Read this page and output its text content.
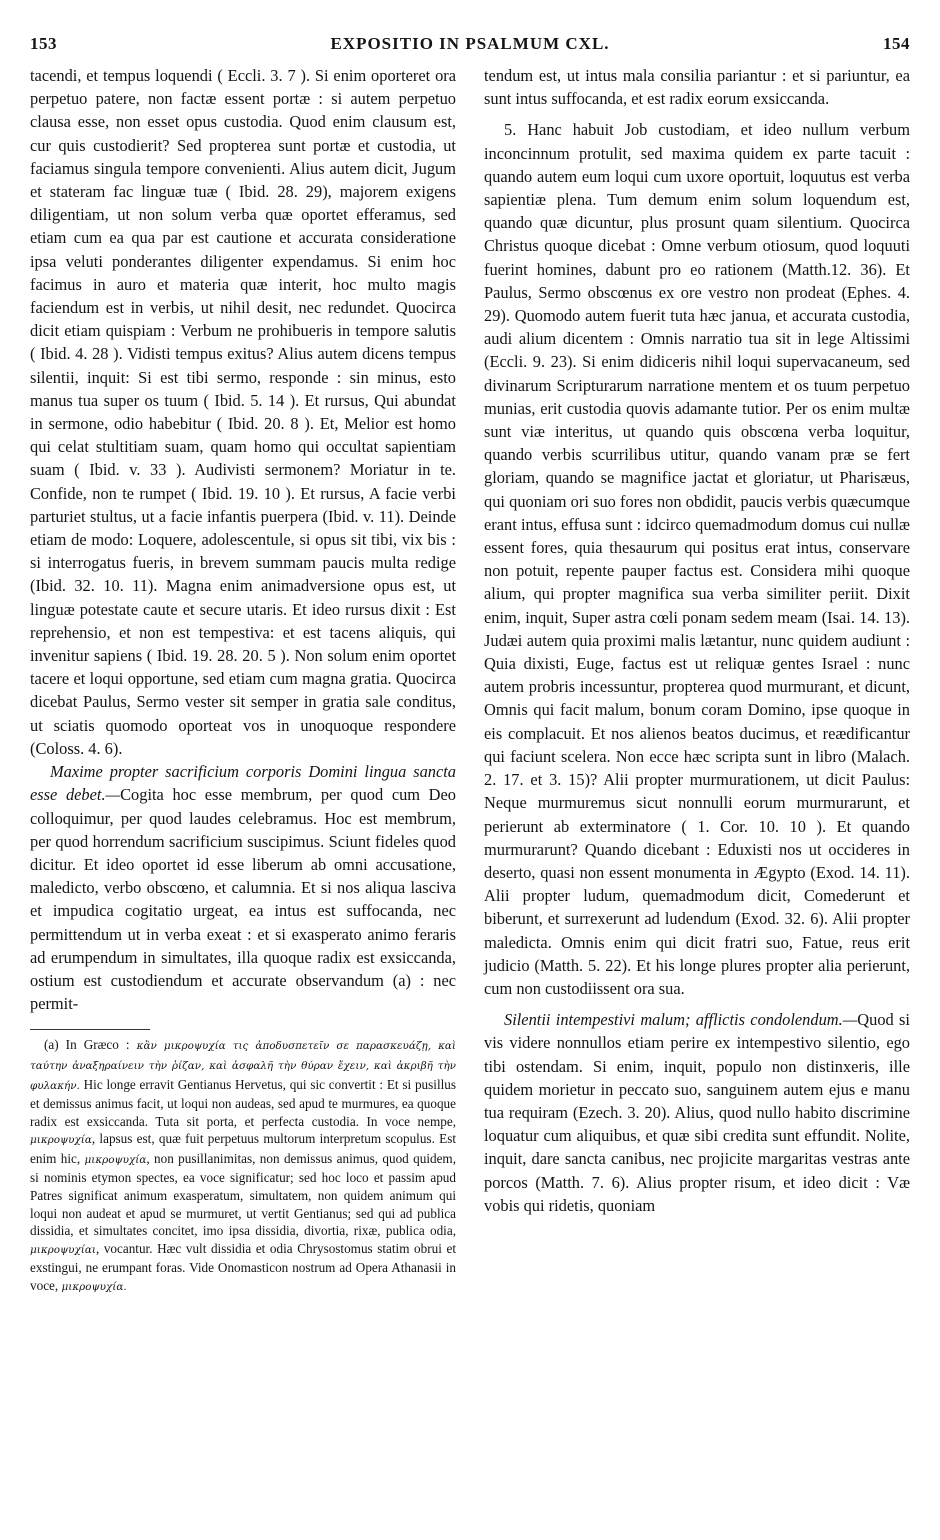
153	EXPOSITIO IN PSALMUM CXL.	154

tacendi, et tempus loquendi ( Eccli. 3. 7 ). Si enim oporteret ora perpetuo patere, non factæ essent portæ : si autem perpetuo clausa esse, non esset opus custodia. Quod enim clausum est, cur quis custodierit? Sed propterea sunt portæ et custodia, ut faciamus singula tempore convenienti. Alius autem dicit, Jugum et stateram fac linguæ tuæ ( Ibid. 28. 29), majorem exigens diligentiam, ut non solum verba quæ oportet efferamus, sed etiam cum ea qua par est cautione et accurata consideratione ipsa veluti ponderantes diligenter expendamus. Si enim hoc facimus in auro et materia quæ interit, hoc multo magis faciendum est in verbis, ut nihil desit, nec redundet. Quocirca dicit etiam quispiam : Verbum ne prohibueris in tempore salutis ( Ibid. 4. 28 ). Vidisti tempus exitus? Alius autem dicens tempus silentii, inquit: Si est tibi sermo, responde : sin minus, esto manus tua super os tuum ( Ibid. 5. 14 ). Et rursus, Qui abundat in sermone, odio habebitur ( Ibid. 20. 8 ). Et, Melior est homo qui celat stultitiam suam, quam homo qui occultat sapientiam suam ( Ibid. v. 33 ). Audivisti sermonem? Moriatur in te. Confide, non te rumpet ( Ibid. 19. 10 ). Et rursus, A facie verbi parturiet stultus, ut a facie infantis puerpera (Ibid. v. 11). Deinde etiam de modo: Loquere, adolescentule, si opus sit tibi, vix bis : si interrogatus fueris, in brevem summam paucis multa redige (Ibid. 32. 10. 11). Magna enim animadversione opus est, ut linguæ potestate caute et secure utaris. Et ideo rursus dixit : Est reprehensio, et non est tempestiva: et est tacens aliquis, qui invenitur sapiens ( Ibid. 19. 28. 20. 5 ). Non solum enim oportet tacere et loqui opportune, sed etiam cum magna gratia. Quocirca dicebat Paulus, Sermo vester sit semper in gratia sale conditus, ut sciatis quomodo oporteat vos in unoquoque respondere (Coloss. 4. 6).

Maxime propter sacrificium corporis Domini lingua sancta esse debet.—Cogita hoc esse membrum, per quod cum Deo colloquimur, per quod laudes celebramus. Hoc est membrum, per quod horrendum sacrificium suscipimus. Sciunt fideles quod dicitur. Et ideo oportet id esse liberum ab omni accusatione, maledicto, verbo obscœno, et calumnia. Et si nos aliqua lasciva et impudica cogitatio urgeat, ea intus est suffocanda, nec permittendum ut in verba exeat : et si exasperato animo feraris ad erumpendum in simultates, illa quoque radix est exsiccanda, ostium est custodiendum et accurate observandum (a) : nec permit-

(a) In Græco : κἂν μικροψυχία τις ἀποδυσπετεῖν σε παρασκευάζῃ, καὶ ταύτην ἀναξηραίνειν τὴν ῥίζαν, καὶ ἀσφαλῆ τὴν θύραν ἔχειν, καὶ ἀκριβῆ τὴν φυλακήν. Hic longe erravit Gentianus Hervetus, qui sic convertit : Et si pusillus et demissus animus facit, ut loqui non audeas, sed apud te murmures, ea quoque radix est exsiccanda. Tuta sit porta, et perfecta custodia. In voce nempe, μικροψυχία, lapsus est, quæ fuit perpetuus multorum interpretum scopulus. Est enim hic, μικροψυχία, non pusillanimitas, non demissus animus, quod quidem, si nominis etymon spectes, ea voce significatur; sed hoc loco et passim apud Patres significat animum exasperatum, simultatem, non quidem animum qui loqui non audeat et apud se murmuret, ut vertit Gentianus; sed qui ad publica dissidia, et simultates concitet, imo ipsa dissidia, divortia, rixæ, publica odia, μικροψυχίαι, vocantur. Hæc vult dissidia et odia Chrysostomus statim obrui et exstingui, ne erumpant foras. Vide Onomasticon nostrum ad Opera Athanasii in voce, μικροψυχία.

tendum est, ut intus mala consilia pariantur : et si pariuntur, ea sunt intus suffocanda, et est radix eorum exsiccanda.

5. Hanc habuit Job custodiam, et ideo nullum verbum inconcinnum protulit, sed maxima quidem ex parte tacuit : quando autem eum loqui cum uxore oportuit, loquutus est verba sapientiæ plena. Tum demum enim solum loquendum est, quando quæ dicuntur, plus prosunt quam silentium. Quocirca Christus quoque dicebat : Omne verbum otiosum, quod loquuti fuerint homines, dabunt pro eo rationem (Matth.12. 36). Et Paulus, Sermo obscœnus ex ore vestro non prodeat (Ephes. 4. 29). Quomodo autem fuerit tuta hæc janua, et accurata custodia, audi alium dicentem : Omnis narratio tua sit in lege Altissimi (Eccli. 9. 23). Si enim didiceris nihil loqui supervacaneum, sed divinarum Scripturarum narratione mentem et os tuum perpetuo munias, erit custodia quovis adamante tutior. Per os enim multæ sunt viæ interitus, ut quando quis obscœna verba loquitur, quando verbis scurrilibus utitur, quando vanam præ se fert gloriam, quando se magnifice jactat et gloriatur, ut Pharisæus, qui quoniam ori suo fores non obdidit, paucis verbis quæcumque erant intus, effusa sunt : idcirco quemadmodum domus cui nullæ essent fores, quia thesaurum qui positus erat intus, conservare non potuit, repente pauper factus est. Considera mihi quoque alium, qui propter magnifica sua verba similiter periit. Dixit enim, inquit, Super astra cœli ponam sedem meam (Isai. 14. 13). Judæi autem quia proximi malis lætantur, nunc quidem audiunt : Quia dixisti, Euge, factus est ut reliquæ gentes Israel : nunc autem probris incessuntur, propterea quod murmurant, et dicunt, Omnis qui facit malum, bonum coram Domino, ipse quoque in eis complacuit. Et nos alienos beatos ducimus, et reædificantur qui faciunt scelera. Non ecce hæc scripta sunt in libro (Malach. 2. 17. et 3. 15)? Alii propter murmurationem, ut dicit Paulus: Neque murmuremus sicut nonnulli eorum murmurarunt, et perierunt ab exterminatore ( 1. Cor. 10. 10 ). Et quando murmurarunt? Quando dicebant : Eduxisti nos ut occideres in deserto, quasi non essent monumenta in Ægypto (Exod. 14. 11). Alii propter ludum, quemadmodum dicit, Comederunt et biberunt, et surrexerunt ad ludendum (Exod. 32. 6). Alii propter maledicta. Omnis enim qui dicit fratri suo, Fatue, reus erit judicio (Matth. 5. 22). Et his longe plures propter alia perierunt, cum non custodiissent ora sua.

Silentii intempestivi malum; afflictis condolendum.—Quod si vis videre nonnullos etiam perire ex intempestivo silentio, ego tibi ostendam. Si enim, inquit, populo non distinxeris, ille quidem morietur in peccato suo, sanguinem autem ejus e manu tua requiram (Ezech. 3. 20). Alius, quod nullo habito discrimine loquatur cum aliquibus, et quæ sibi credita sunt effundit. Nolite, inquit, dare sancta canibus, nec projicite margaritas vestras ante porcos (Matth. 7. 6). Alius propter risum, et ideo dicit : Væ vobis qui ridetis, quoniam
